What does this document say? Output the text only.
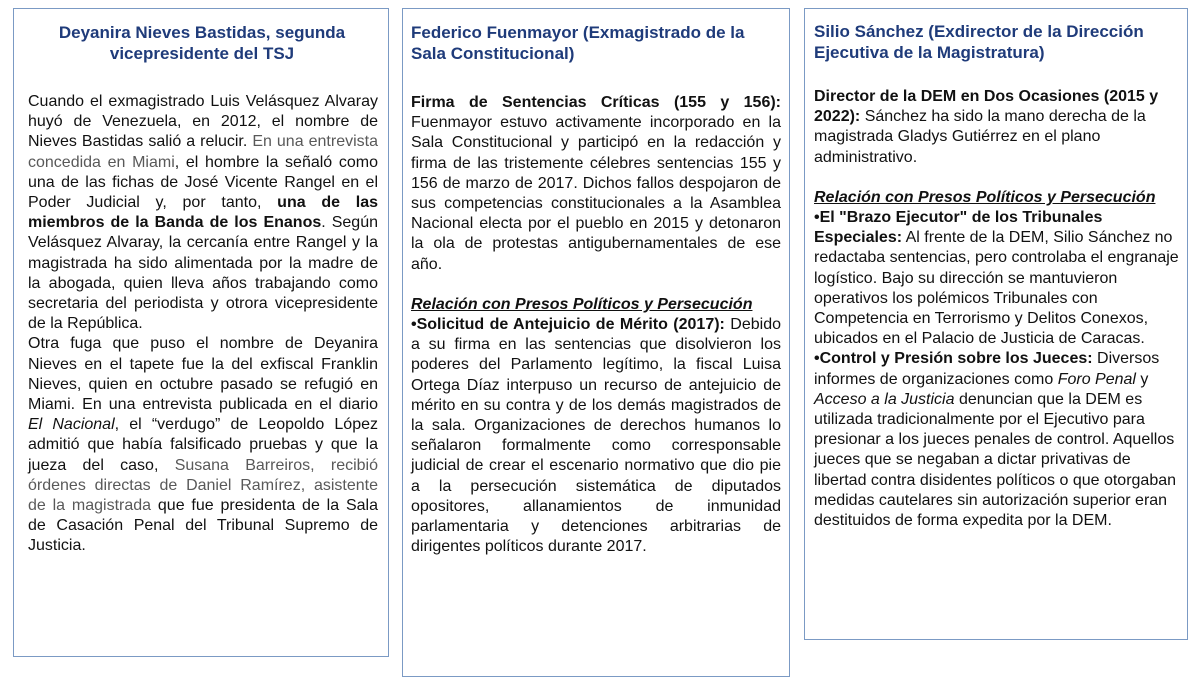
Deyanira Nieves Bastidas, segunda vicepresidente del TSJ

Cuando el exmagistrado Luis Velásquez Alvaray huyó de Venezuela, en 2012, el nombre de Nieves Bastidas salió a relucir. En una entrevista concedida en Miami, el hombre la señaló como una de las fichas de José Vicente Rangel en el Poder Judicial y, por tanto, una de las miembros de la Banda de los Enanos. Según Velásquez Alvaray, la cercanía entre Rangel y la magistrada ha sido alimentada por la madre de la abogada, quien lleva años trabajando como secretaria del periodista y otrora vicepresidente de la República.

Otra fuga que puso el nombre de Deyanira Nieves en el tapete fue la del exfiscal Franklin Nieves, quien en octubre pasado se refugió en Miami. En una entrevista publicada en el diario El Nacional, el “verdugo” de Leopoldo López admitió que había falsificado pruebas y que la jueza del caso, Susana Barreiros, recibió órdenes directas de Daniel Ramírez, asistente de la magistrada que fue presidenta de la Sala de Casación Penal del Tribunal Supremo de Justicia.

Federico Fuenmayor (Exmagistrado de la Sala Constitucional)

Firma de Sentencias Críticas (155 y 156): Fuenmayor estuvo activamente incorporado en la Sala Constitucional y participó en la redacción y firma de las tristemente célebres sentencias 155 y 156 de marzo de 2017. Dichos fallos despojaron de sus competencias constitucionales a la Asamblea Nacional electa por el pueblo en 2015 y detonaron la ola de protestas antigubernamentales de ese año.

Relación con Presos Políticos y Persecución

•Solicitud de Antejuicio de Mérito (2017): Debido a su firma en las sentencias que disolvieron los poderes del Parlamento legítimo, la fiscal Luisa Ortega Díaz interpuso un recurso de antejuicio de mérito en su contra y de los demás magistrados de la sala. Organizaciones de derechos humanos lo señalaron formalmente como corresponsable judicial de crear el escenario normativo que dio pie a la persecución sistemática de diputados opositores, allanamientos de inmunidad parlamentaria y detenciones arbitrarias de dirigentes políticos durante 2017.

Silio Sánchez (Exdirector de la Dirección Ejecutiva de la Magistratura)

Director de la DEM en Dos Ocasiones (2015 y 2022): Sánchez ha sido la mano derecha de la magistrada Gladys Gutiérrez en el plano administrativo.

Relación con Presos Políticos y Persecución

•El "Brazo Ejecutor" de los Tribunales Especiales: Al frente de la DEM, Silio Sánchez no redactaba sentencias, pero controlaba el engranaje logístico. Bajo su dirección se mantuvieron operativos los polémicos Tribunales con Competencia en Terrorismo y Delitos Conexos, ubicados en el Palacio de Justicia de Caracas.

•Control y Presión sobre los Jueces: Diversos informes de organizaciones como Foro Penal y Acceso a la Justicia denuncian que la DEM es utilizada tradicionalmente por el Ejecutivo para presionar a los jueces penales de control. Aquellos jueces que se negaban a dictar privativas de libertad contra disidentes políticos o que otorgaban medidas cautelares sin autorización superior eran destituidos de forma expedita por la DEM.
